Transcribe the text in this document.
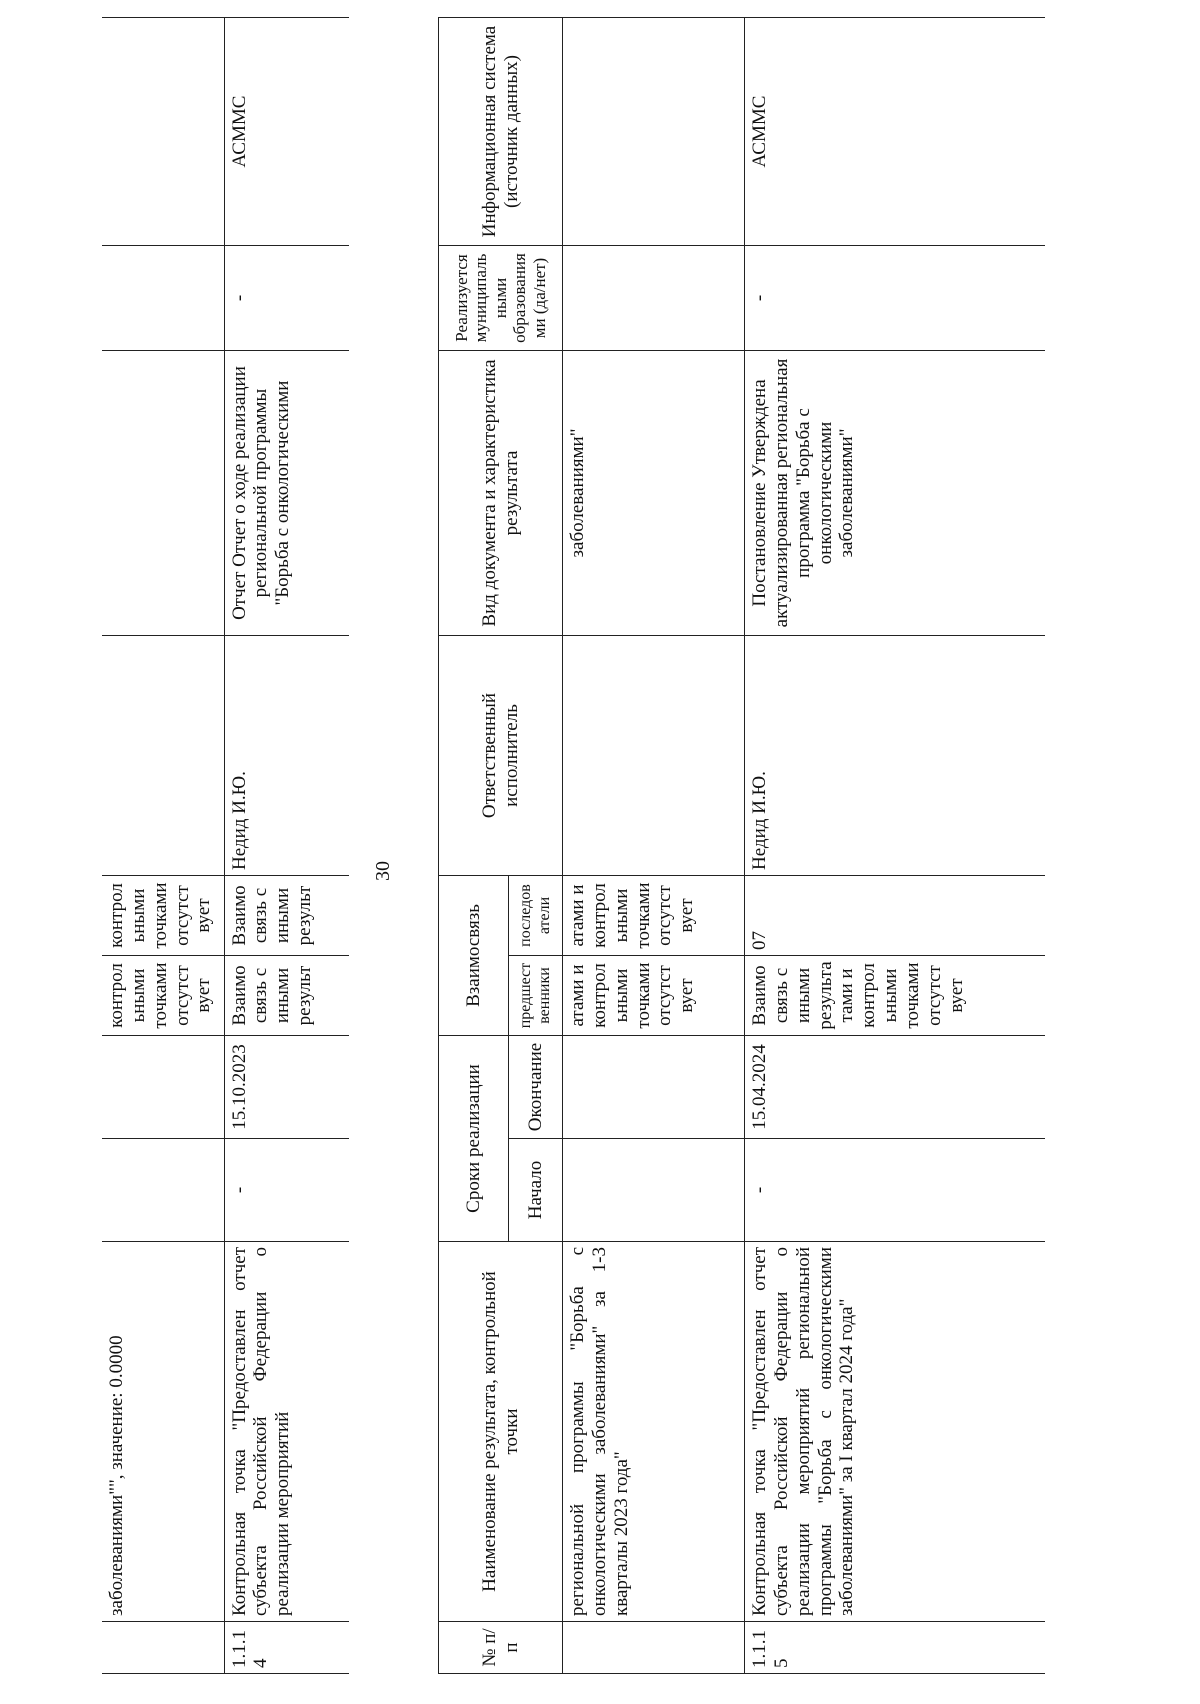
	заболеваниями"", значение: 0.0000			контрольными точками отсутствует	контрольными точками отсутствует				
1.1.14	Контрольная точка "Предоставлен отчет субъекта Российской Федерации о реализации мероприятий	-	15.10.2023	Взаимосвязь с иными результ	Взаимосвязь с иными результ	Недид И.Ю.	Отчет Отчет о ходе реализации региональной программы "Борьба с онкологическими	-	АСММС
30
№ п/п	Наименование результата, контрольной точки	Сроки реализации		Взаимосвязь		Ответственный исполнитель	Вид документа и характеристика результата	Реализуется муниципальными образованиями (да/нет)	Информационная система (источник данных)
		Начало	Окончание	предшественники	последователи				
	региональной программы "Борьба с онкологическими заболеваниями" за 1-3 кварталы 2023 года"			атами и контрольными точками отсутствует	атами и контрольными точками отсутствует		заболеваниями"		
1.1.15	Контрольная точка "Предоставлен отчет субъекта Российской Федерации о реализации мероприятий региональной программы "Борьба с онкологическими заболеваниями" за I квартал 2024 года"	-	15.04.2024	Взаимосвязь с иными результатами и контрольными точками отсутствует	07	Недид И.Ю.	Постановление Утверждена актуализированная региональная программа "Борьба с онкологическими заболеваниями"	-	АСММС
